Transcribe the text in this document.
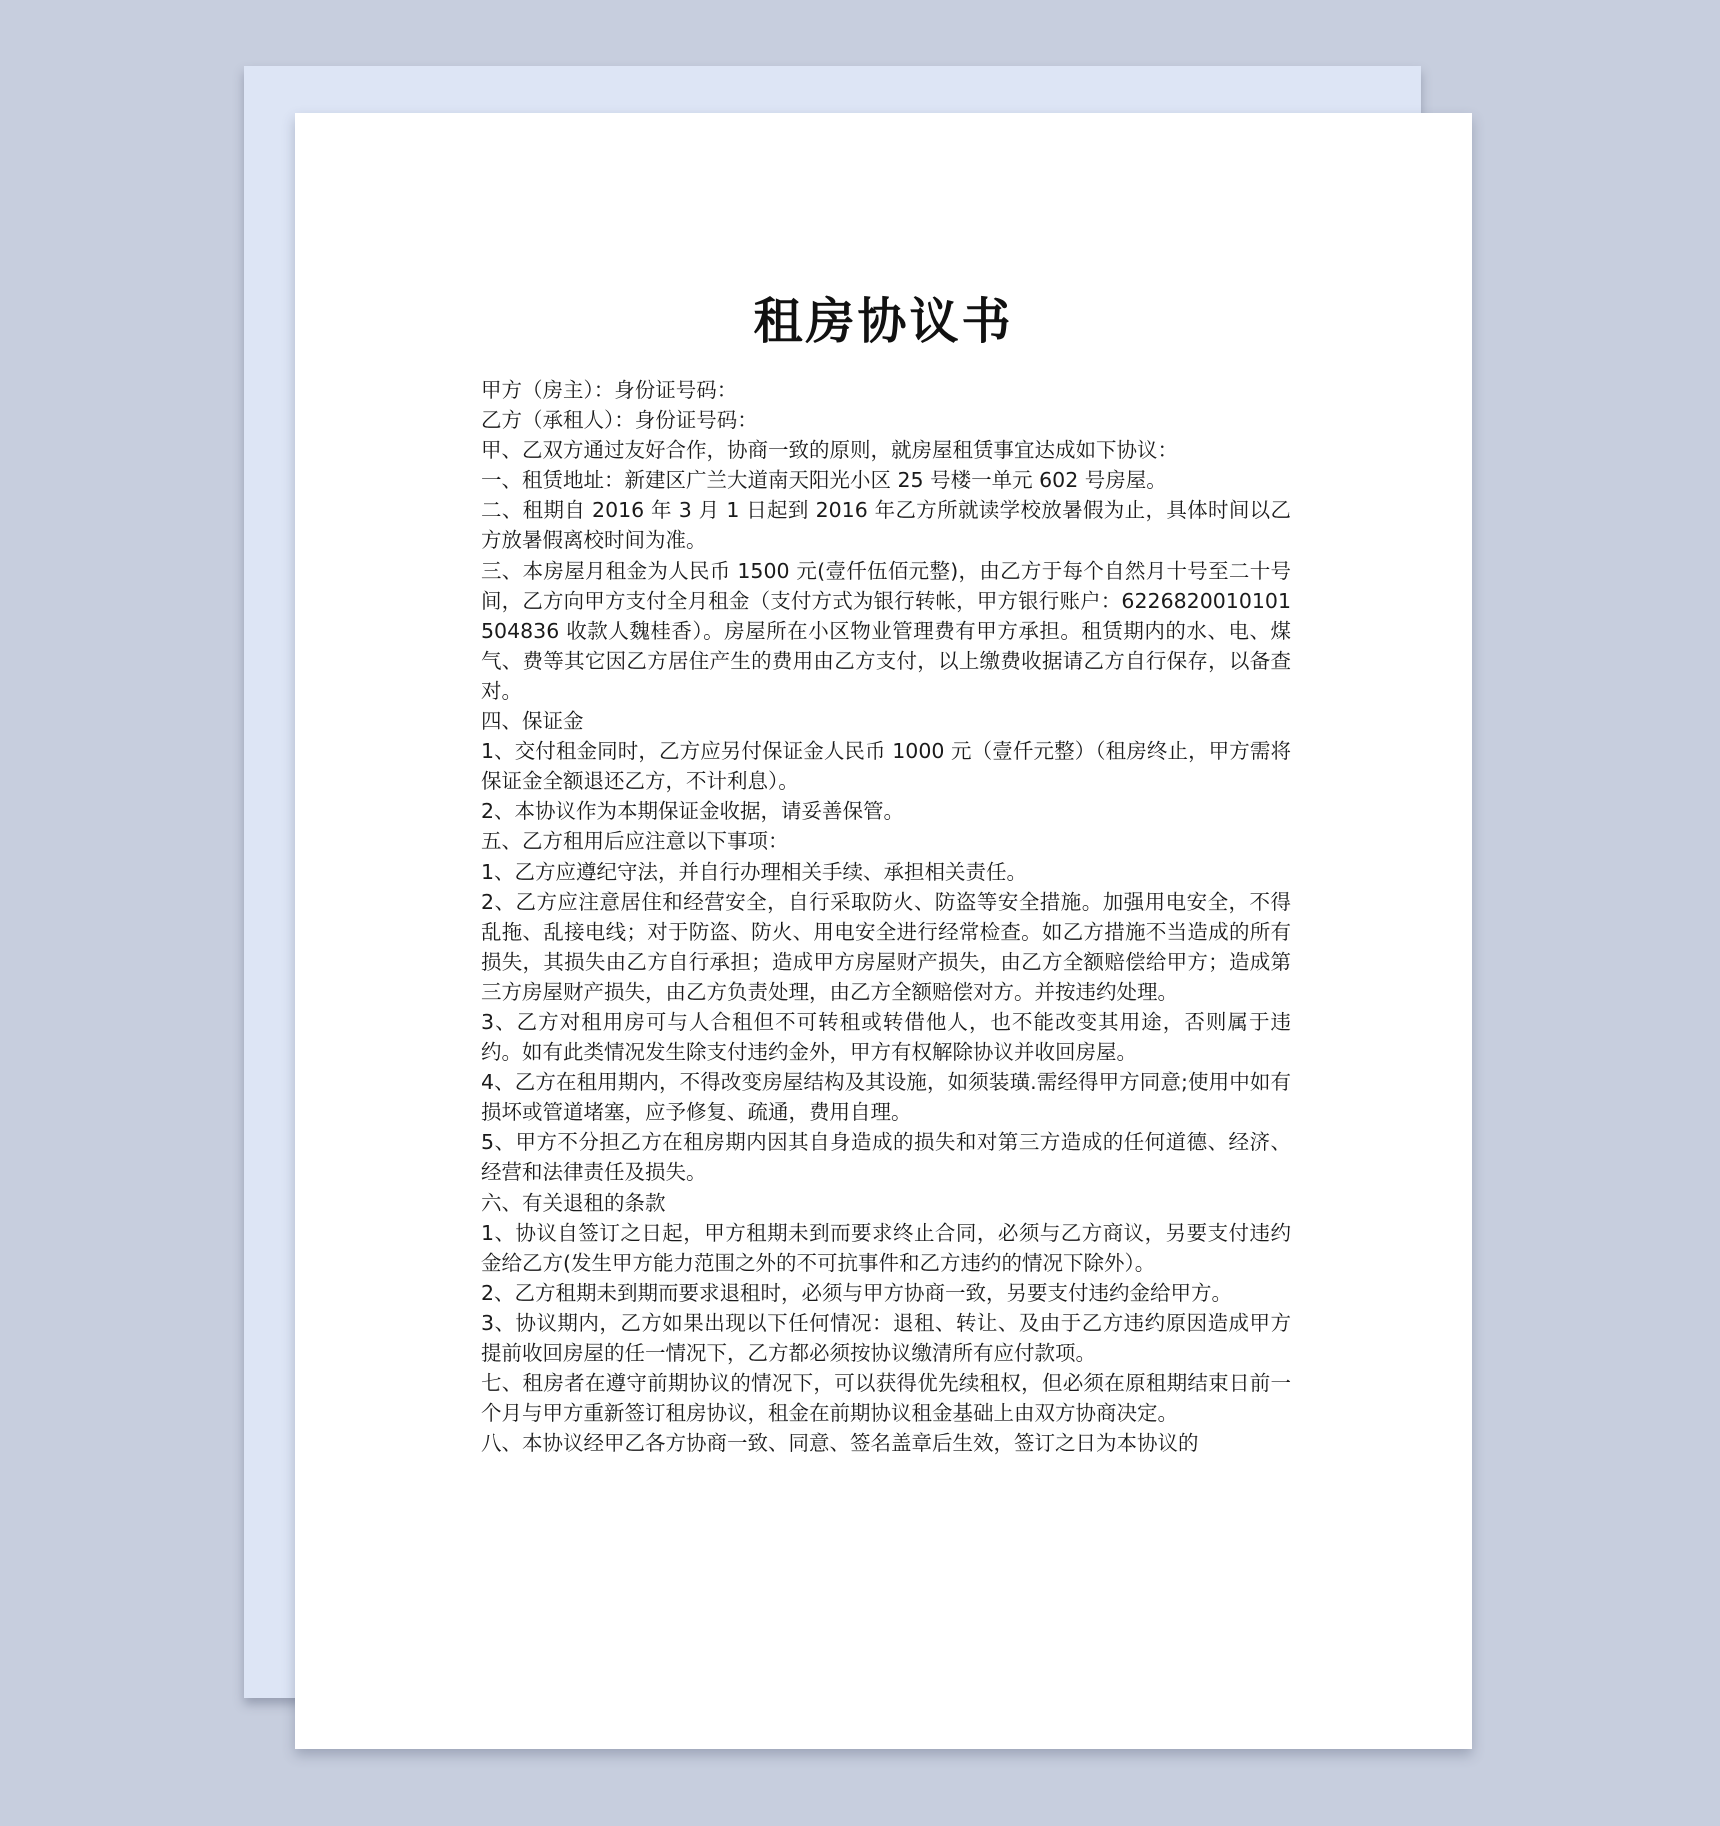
租房协议书

甲方（房主）：身份证号码：

乙方（承租人）：身份证号码：

甲、乙双方通过友好合作，协商一致的原则，就房屋租赁事宜达成如下协议：

一、租赁地址：新建区广兰大道南天阳光小区 25 号楼一单元 602 号房屋。

二、租期自 2016 年 3 月 1 日起到 2016 年乙方所就读学校放暑假为止，具体时间以乙方放暑假离校时间为准。

三、本房屋月租金为人民币 1500 元(壹仟伍佰元整)，由乙方于每个自然月十号至二十号间，乙方向甲方支付全月租金（支付方式为银行转帐，甲方银行账户：6226820010101504836 收款人魏桂香）。房屋所在小区物业管理费有甲方承担。租赁期内的水、电、煤气、费等其它因乙方居住产生的费用由乙方支付，以上缴费收据请乙方自行保存，以备查对。

四、保证金

1、交付租金同时，乙方应另付保证金人民币 1000 元（壹仟元整）（租房终止，甲方需将保证金全额退还乙方，不计利息）。

2、本协议作为本期保证金收据，请妥善保管。

五、乙方租用后应注意以下事项：

1、乙方应遵纪守法，并自行办理相关手续、承担相关责任。

2、乙方应注意居住和经营安全，自行采取防火、防盗等安全措施。加强用电安全，不得乱拖、乱接电线；对于防盗、防火、用电安全进行经常检查。如乙方措施不当造成的所有损失，其损失由乙方自行承担；造成甲方房屋财产损失，由乙方全额赔偿给甲方；造成第三方房屋财产损失，由乙方负责处理，由乙方全额赔偿对方。并按违约处理。

3、乙方对租用房可与人合租但不可转租或转借他人，也不能改变其用途，否则属于违约。如有此类情况发生除支付违约金外，甲方有权解除协议并收回房屋。

4、乙方在租用期内，不得改变房屋结构及其设施，如须装璜.需经得甲方同意;使用中如有损坏或管道堵塞，应予修复、疏通，费用自理。

5、甲方不分担乙方在租房期内因其自身造成的损失和对第三方造成的任何道德、经济、经营和法律责任及损失。

六、有关退租的条款

1、协议自签订之日起，甲方租期未到而要求终止合同，必须与乙方商议，另要支付违约金给乙方(发生甲方能力范围之外的不可抗事件和乙方违约的情况下除外）。

2、乙方租期未到期而要求退租时，必须与甲方协商一致，另要支付违约金给甲方。

3、协议期内，乙方如果出现以下任何情况：退租、转让、及由于乙方违约原因造成甲方提前收回房屋的任一情况下，乙方都必须按协议缴清所有应付款项。

七、租房者在遵守前期协议的情况下，可以获得优先续租权，但必须在原租期结束日前一个月与甲方重新签订租房协议，租金在前期协议租金基础上由双方协商决定。

八、本协议经甲乙各方协商一致、同意、签名盖章后生效，签订之日为本协议的
